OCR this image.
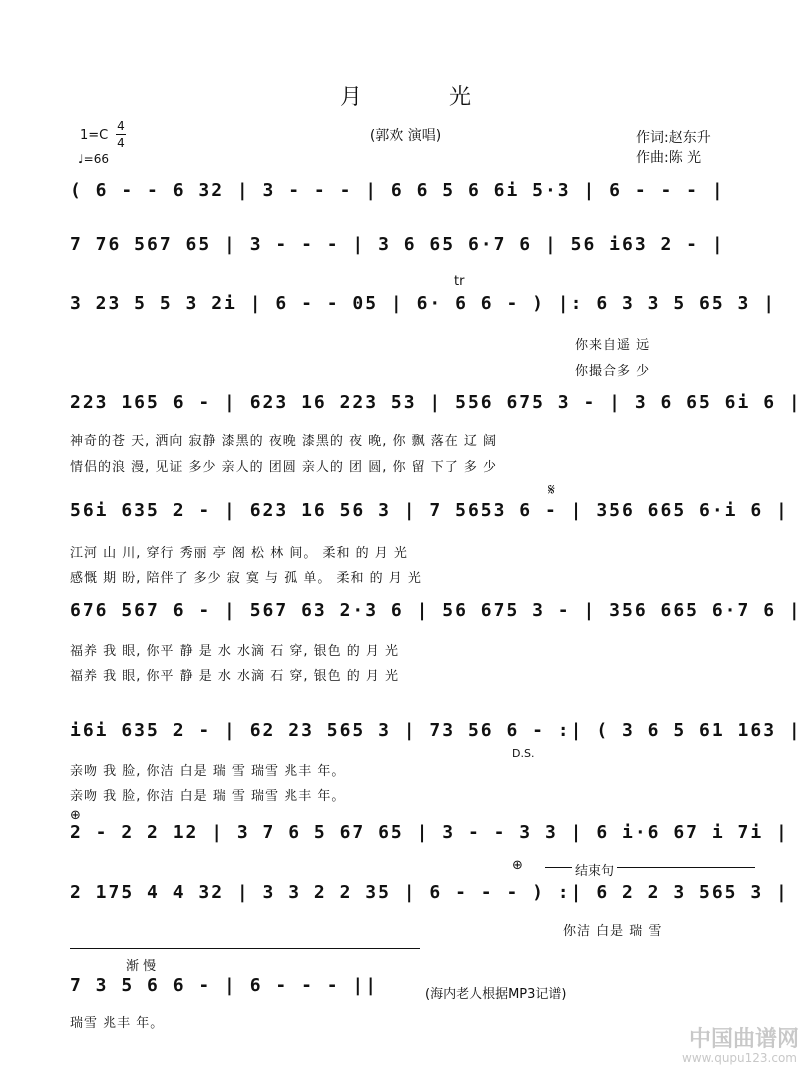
月 光
(郭欢 演唱)	作词:赵东升
作曲:陈 光
1=C
4
4
♩=66
( 6 - - 6 32 | 3 - - - | 6 6 5 6 6i 5·3 | 6 - - - |
7 76 567 65 | 3 - - - | 3 6 65 6·7 6 | 56 i63 2 - |
tr
3 23 5 5 3 2i | 6 - - 05 | 6· 6 6 - ) |: 6 3 3 5 65 3 |
你来自遥 远
你撮合多 少
223 165 6 - | 623 16 223 53 | 556 675 3 - | 3 6 65 6i 6 |
神奇的苍 天, 洒向 寂静 漆黑的 夜晚 漆黑的 夜 晚, 你 飘 落在 辽 阔
情侣的浪 漫, 见证 多少 亲人的 团圆 亲人的 团 圆, 你 留 下了 多 少
𝄋
56i 635 2 - | 623 16 56 3 | 7 5653 6 - | 356 665 6·i 6 |
江河 山 川, 穿行 秀丽 亭 阁 松 林 间。 柔和 的 月 光
感慨 期 盼, 陪伴了 多少 寂 寞 与 孤 单。 柔和 的 月 光
676 567 6 - | 567 63 2·3 6 | 56 675 3 - | 356 665 6·7 6 |
福养 我 眼, 你平 静 是 水 水滴 石 穿, 银色 的 月 光
福养 我 眼, 你平 静 是 水 水滴 石 穿, 银色 的 月 光
i6i 635 2 - | 62 23 565 3 | 73 56 6 - :| ( 3 6 5 61 163 |
D.S.
亲吻 我 脸, 你洁 白是 瑞 雪 瑞雪 兆丰 年。
亲吻 我 脸, 你洁 白是 瑞 雪 瑞雪 兆丰 年。
⊕
2 - 2 2 12 | 3 7 6 5 67 65 | 3 - - 3 3 | 6 i·6 67 i 7i |
⊕	结束句
2 175 4 4 32 | 3 3 2 2 35 | 6 - - - ) :| 6 2 2 3 565 3 |
你洁 白是 瑞 雪
渐 慢
7 3 5 6 6 - | 6 - - - ||
瑞雪 兆丰 年。
(海内老人根据MP3记谱)
中国曲谱网
www.qupu123.com
